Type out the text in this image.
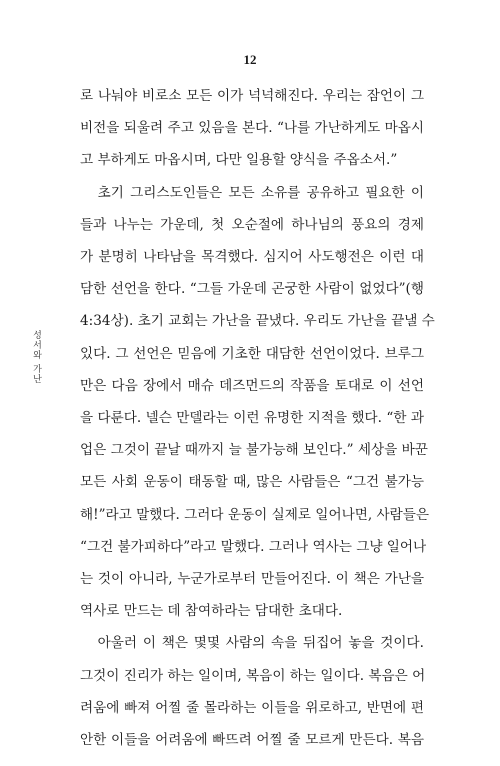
12
성서와 가난
로 나눠야 비로소 모든 이가 넉넉해진다. 우리는 잠언이 그
비전을 되울려 주고 있음을 본다. “나를 가난하게도 마옵시
고 부하게도 마옵시며, 다만 일용할 양식을 주옵소서.”
초기 그리스도인들은 모든 소유를 공유하고 필요한 이
들과 나누는 가운데, 첫 오순절에 하나님의 풍요의 경제
가 분명히 나타남을 목격했다. 심지어 사도행전은 이런 대
담한 선언을 한다. “그들 가운데 곤궁한 사람이 없었다”(행
4:34상). 초기 교회는 가난을 끝냈다. 우리도 가난을 끝낼 수
있다. 그 선언은 믿음에 기초한 대담한 선언이었다. 브루그
만은 다음 장에서 매슈 데즈먼드의 작품을 토대로 이 선언
을 다룬다. 넬슨 만델라는 이런 유명한 지적을 했다. “한 과
업은 그것이 끝날 때까지 늘 불가능해 보인다.” 세상을 바꾼
모든 사회 운동이 태동할 때, 많은 사람들은 “그건 불가능
해!”라고 말했다. 그러다 운동이 실제로 일어나면, 사람들은
“그건 불가피하다”라고 말했다. 그러나 역사는 그냥 일어나
는 것이 아니라, 누군가로부터 만들어진다. 이 책은 가난을
역사로 만드는 데 참여하라는 담대한 초대다.
아울러 이 책은 몇몇 사람의 속을 뒤집어 놓을 것이다.
그것이 진리가 하는 일이며, 복음이 하는 일이다. 복음은 어
려움에 빠져 어찔 줄 몰라하는 이들을 위로하고, 반면에 편
안한 이들을 어려움에 빠뜨려 어찔 줄 모르게 만든다. 복음
